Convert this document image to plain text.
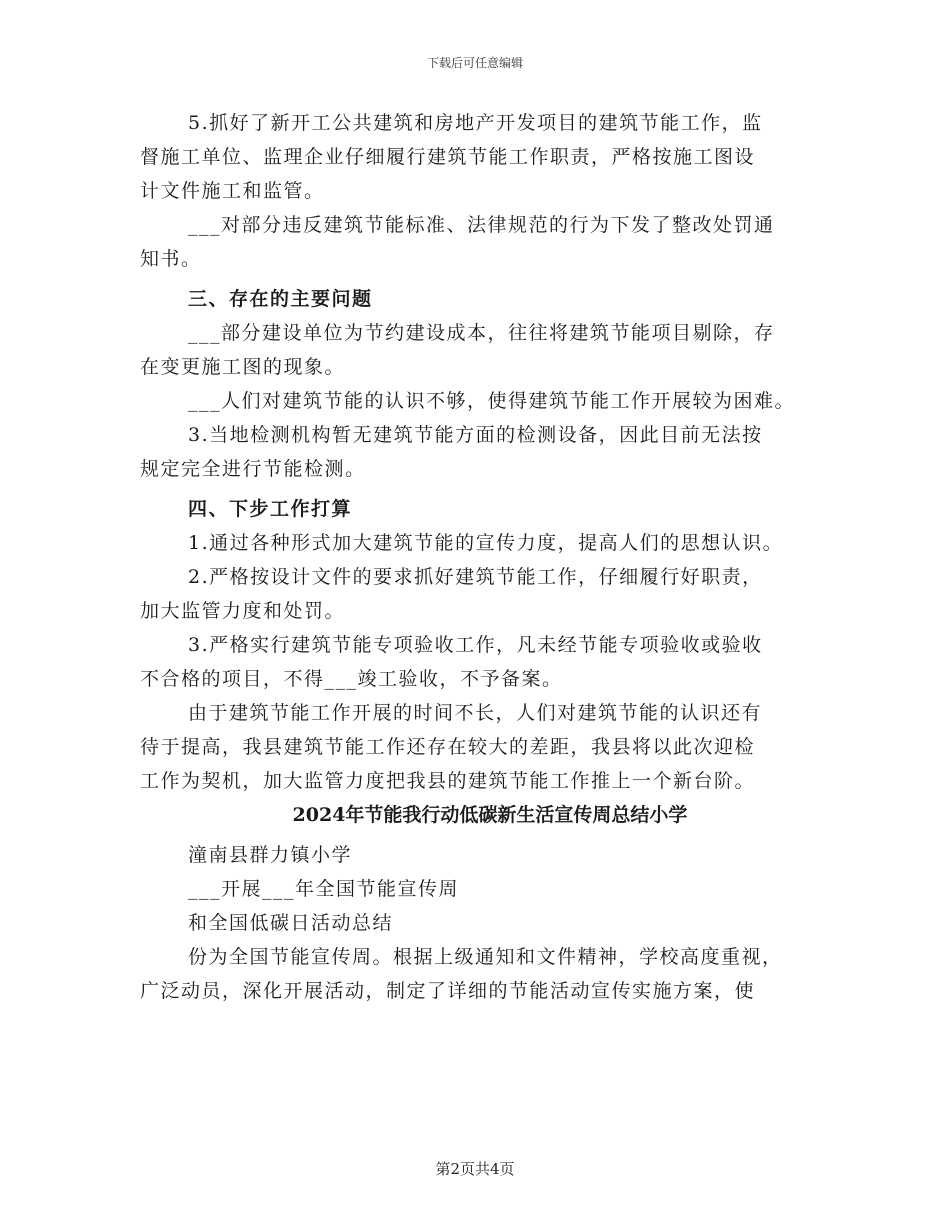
下载后可任意编辑
5.抓好了新开工公共建筑和房地产开发项目的建筑节能工作，监
督施工单位、监理企业仔细履行建筑节能工作职责，严格按施工图设
计文件施工和监管。
___对部分违反建筑节能标准、法律规范的行为下发了整改处罚通
知书。
三、存在的主要问题
___部分建设单位为节约建设成本，往往将建筑节能项目剔除，存
在变更施工图的现象。
___人们对建筑节能的认识不够，使得建筑节能工作开展较为困难。
3.当地检测机构暂无建筑节能方面的检测设备，因此目前无法按
规定完全进行节能检测。
四、下步工作打算
1.通过各种形式加大建筑节能的宣传力度，提高人们的思想认识。
2.严格按设计文件的要求抓好建筑节能工作，仔细履行好职责，
加大监管力度和处罚。
3.严格实行建筑节能专项验收工作，凡未经节能专项验收或验收
不合格的项目，不得___竣工验收，不予备案。
由于建筑节能工作开展的时间不长，人们对建筑节能的认识还有
待于提高，我县建筑节能工作还存在较大的差距，我县将以此次迎检
工作为契机，加大监管力度把我县的建筑节能工作推上一个新台阶。
2024年节能我行动低碳新生活宣传周总结小学
潼南县群力镇小学
___开展___年全国节能宣传周
和全国低碳日活动总结
份为全国节能宣传周。根据上级通知和文件精神，学校高度重视，
广泛动员，深化开展活动，制定了详细的节能活动宣传实施方案，使
第2页共4页
